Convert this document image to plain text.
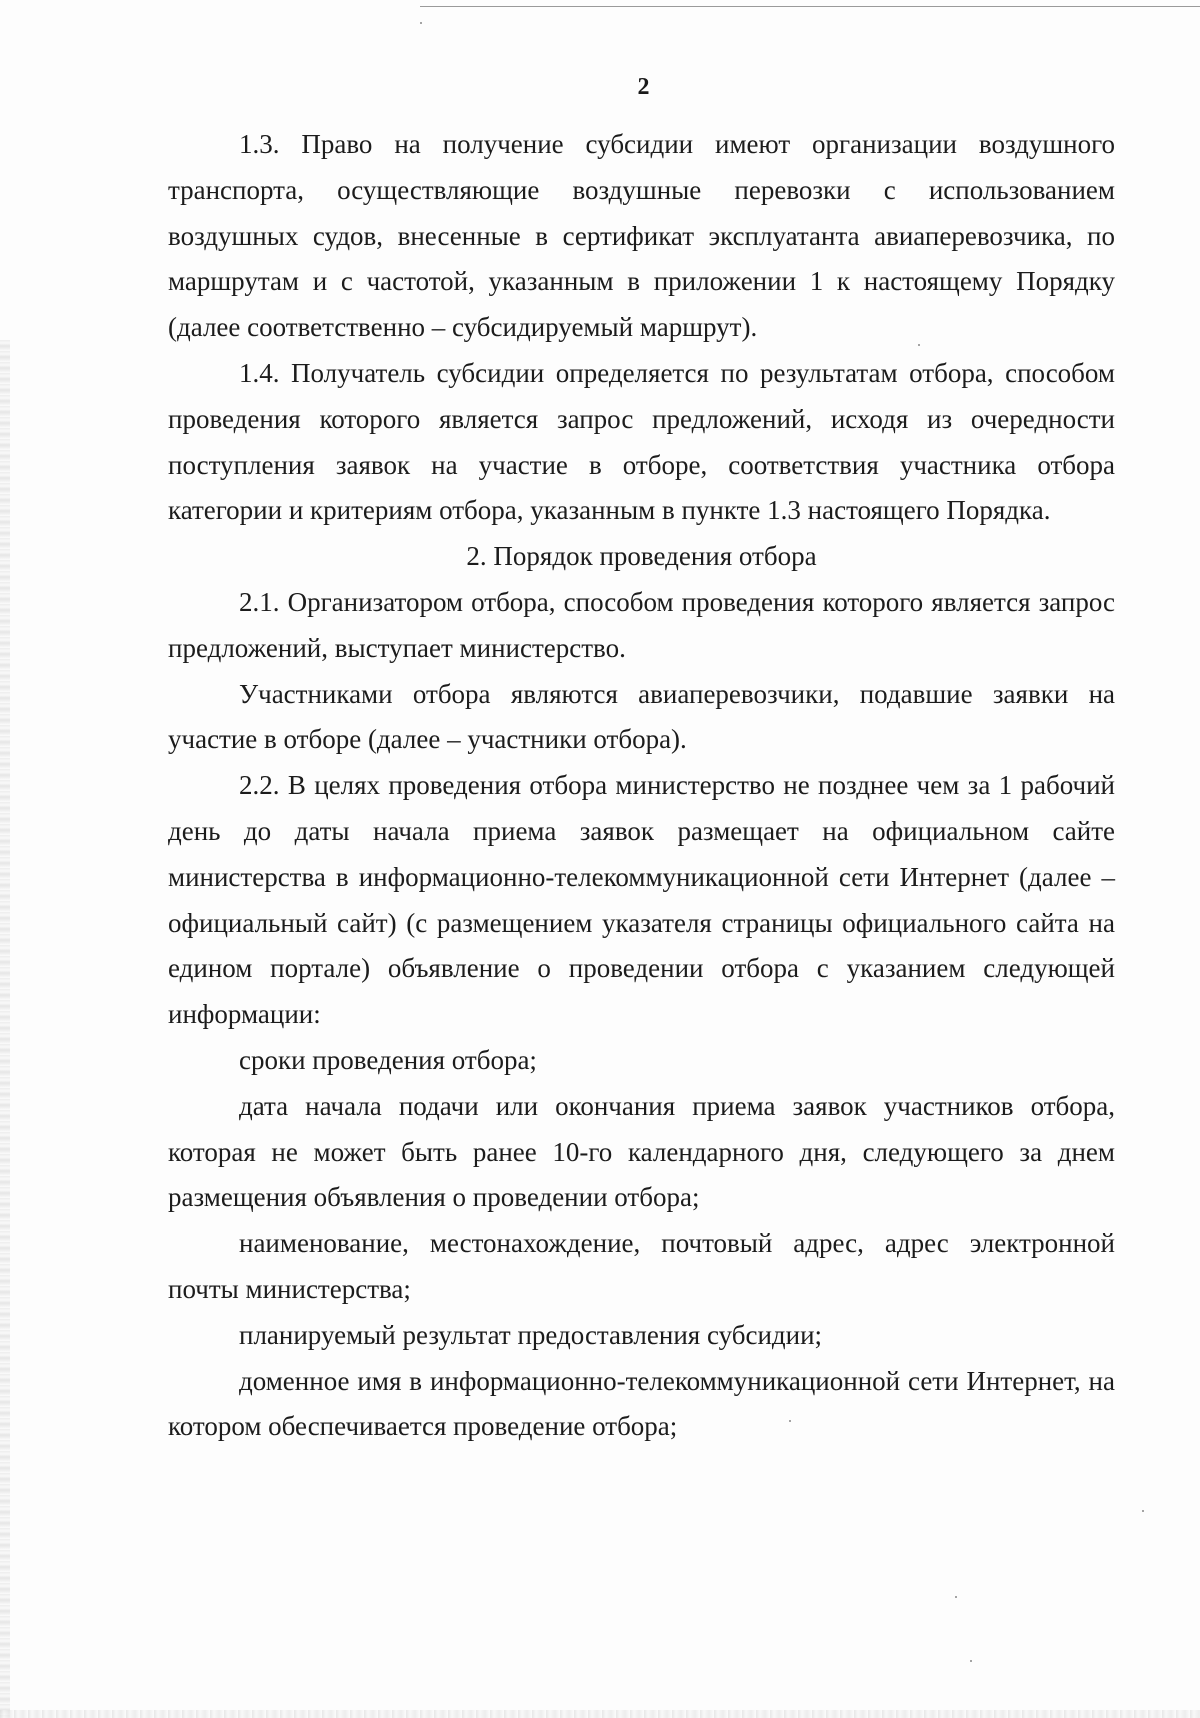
2

1.3. Право на получение субсидии имеют организации воздушного транспорта, осуществляющие воздушные перевозки с использованием воздушных судов, внесенные в сертификат эксплуатанта авиаперевозчика, по маршрутам и с частотой, указанным в приложении 1 к настоящему Порядку (далее соответственно – субсидируемый маршрут).

1.4. Получатель субсидии определяется по результатам отбора, способом проведения которого является запрос предложений, исходя из очередности поступления заявок на участие в отборе, соответствия участника отбора категории и критериям отбора, указанным в пункте 1.3 настоящего Порядка.

2. Порядок проведения отбора

2.1. Организатором отбора, способом проведения которого является запрос предложений, выступает министерство.

Участниками отбора являются авиаперевозчики, подавшие заявки на участие в отборе (далее – участники отбора).

2.2. В целях проведения отбора министерство не позднее чем за 1 рабочий день до даты начала приема заявок размещает на официальном сайте министерства в информационно-телекоммуникационной сети Интернет (далее – официальный сайт) (с размещением указателя страницы официального сайта на едином портале) объявление о проведении отбора с указанием следующей информации:

сроки проведения отбора;

дата начала подачи или окончания приема заявок участников отбора, которая не может быть ранее 10-го календарного дня, следующего за днем размещения объявления о проведении отбора;

наименование, местонахождение, почтовый адрес, адрес электронной почты министерства;

планируемый результат предоставления субсидии;

доменное имя в информационно-телекоммуникационной сети Интернет, на котором обеспечивается проведение отбора;
